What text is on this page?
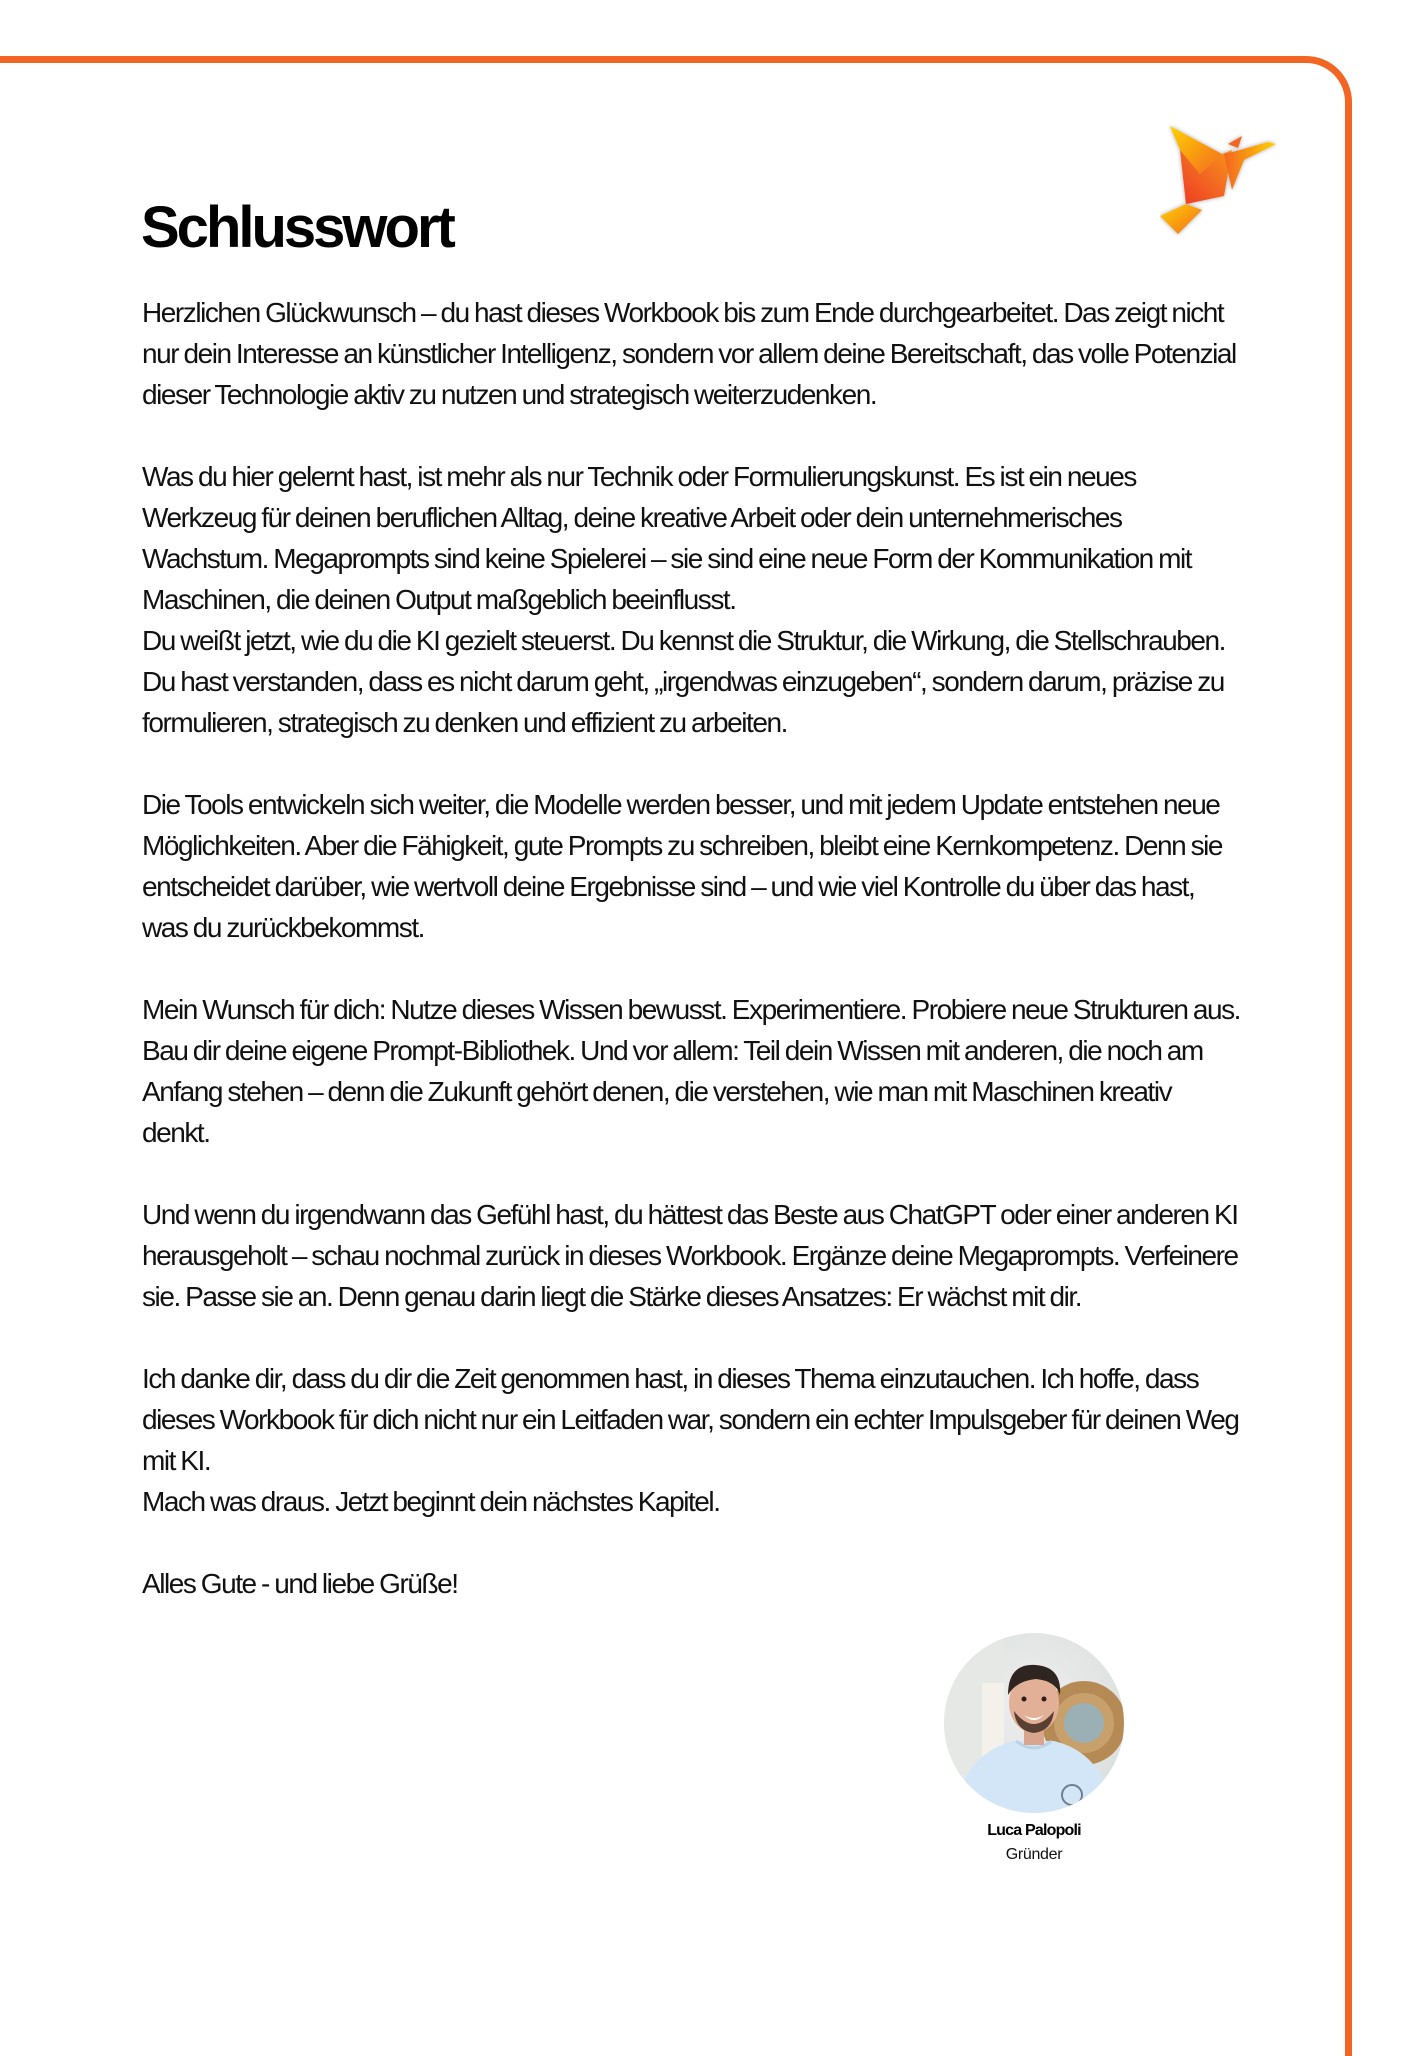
Schlusswort

Herzlichen Glückwunsch – du hast dieses Workbook bis zum Ende durchgearbeitet. Das zeigt nicht nur dein Interesse an künstlicher Intelligenz, sondern vor allem deine Bereitschaft, das volle Potenzial dieser Technologie aktiv zu nutzen und strategisch weiterzudenken.

Was du hier gelernt hast, ist mehr als nur Technik oder Formulierungskunst. Es ist ein neues Werkzeug für deinen beruflichen Alltag, deine kreative Arbeit oder dein unternehmerisches Wachstum. Megaprompts sind keine Spielerei – sie sind eine neue Form der Kommunikation mit Maschinen, die deinen Output maßgeblich beeinflusst.

Du weißt jetzt, wie du die KI gezielt steuerst. Du kennst die Struktur, die Wirkung, die Stellschrauben. Du hast verstanden, dass es nicht darum geht, „irgendwas einzugeben“, sondern darum, präzise zu formulieren, strategisch zu denken und effizient zu arbeiten.

Die Tools entwickeln sich weiter, die Modelle werden besser, und mit jedem Update entstehen neue Möglichkeiten. Aber die Fähigkeit, gute Prompts zu schreiben, bleibt eine Kernkompetenz. Denn sie entscheidet darüber, wie wertvoll deine Ergebnisse sind – und wie viel Kontrolle du über das hast, was du zurückbekommst.

Mein Wunsch für dich: Nutze dieses Wissen bewusst. Experimentiere. Probiere neue Strukturen aus. Bau dir deine eigene Prompt-Bibliothek. Und vor allem: Teil dein Wissen mit anderen, die noch am Anfang stehen – denn die Zukunft gehört denen, die verstehen, wie man mit Maschinen kreativ denkt.

Und wenn du irgendwann das Gefühl hast, du hättest das Beste aus ChatGPT oder einer anderen KI herausgeholt – schau nochmal zurück in dieses Workbook. Ergänze deine Megaprompts. Verfeinere sie. Passe sie an. Denn genau darin liegt die Stärke dieses Ansatzes: Er wächst mit dir.

Ich danke dir, dass du dir die Zeit genommen hast, in dieses Thema einzutauchen. Ich hoffe, dass dieses Workbook für dich nicht nur ein Leitfaden war, sondern ein echter Impulsgeber für deinen Weg mit KI.

Mach was draus. Jetzt beginnt dein nächstes Kapitel.

Alles Gute - und liebe Grüße!

Luca Palopoli
Gründer
